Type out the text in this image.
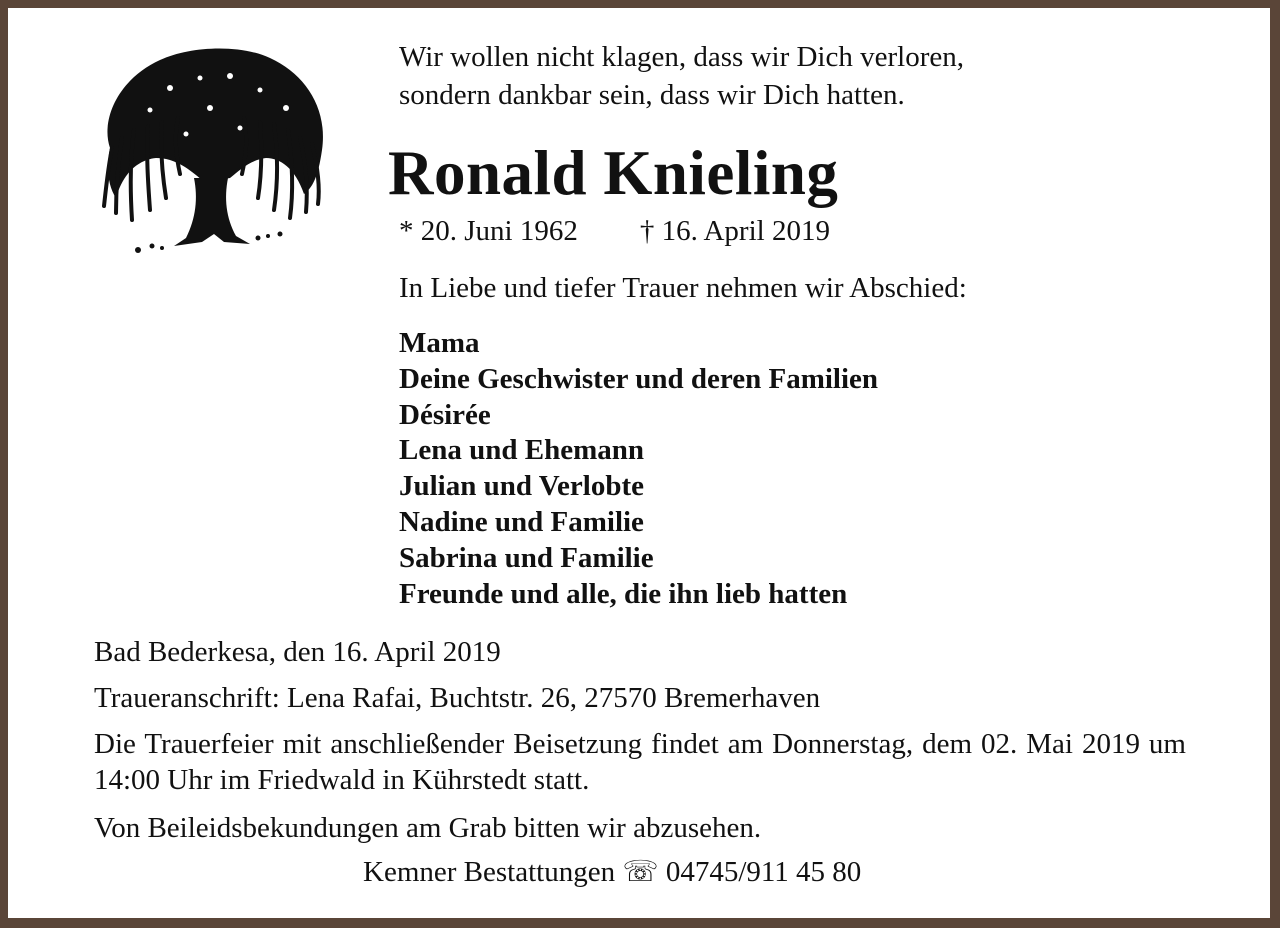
Wir wollen nicht klagen, dass wir Dich verloren,
sondern dankbar sein, dass wir Dich hatten.
Ronald Knieling
* 20. Juni 1962 † 16. April 2019
In Liebe und tiefer Trauer nehmen wir Abschied:
Mama
Deine Geschwister und deren Familien
Désirée
Lena und Ehemann
Julian und Verlobte
Nadine und Familie
Sabrina und Familie
Freunde und alle, die ihn lieb hatten
Bad Bederkesa, den 16. April 2019
Traueranschrift: Lena Rafai, Buchtstr. 26, 27570 Bremerhaven
Die Trauerfeier mit anschließender Beisetzung findet am Donnerstag, dem 02. Mai 2019 um 14:00 Uhr im Friedwald in Kührstedt statt.
Von Beileidsbekundungen am Grab bitten wir abzusehen.
Kemner Bestattungen ☏ 04745/911 45 80
